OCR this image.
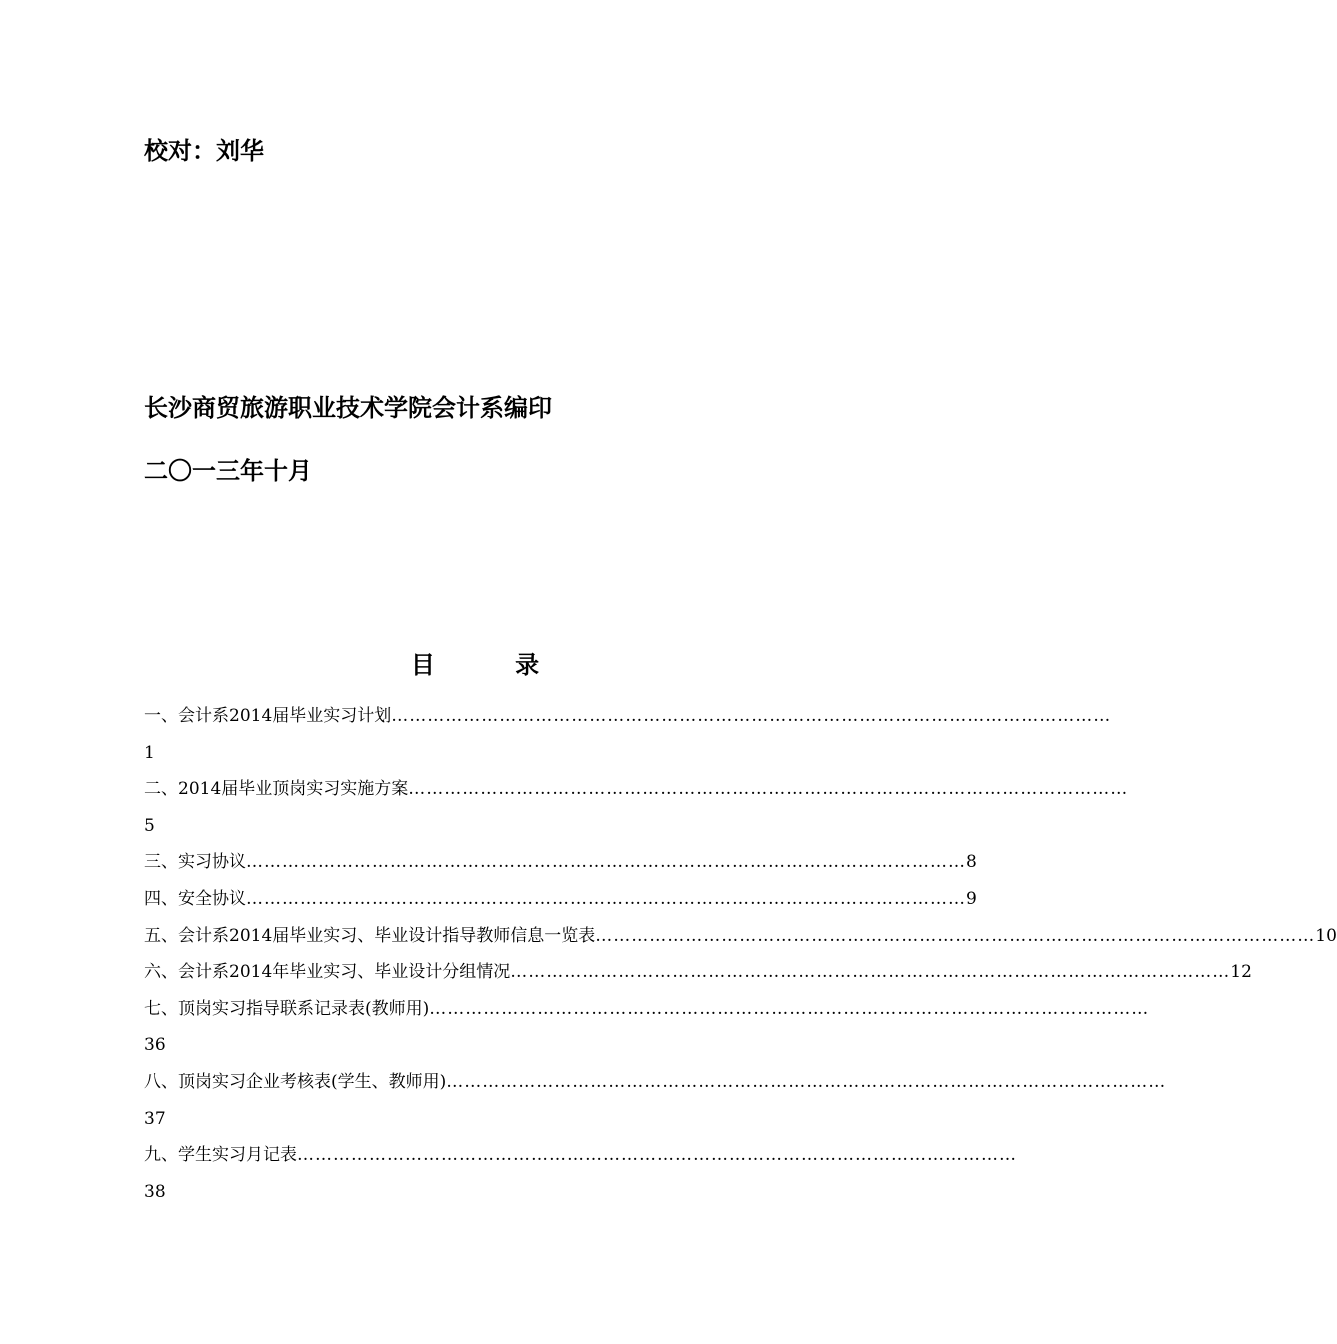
校对：刘华
长沙商贸旅游职业技术学院会计系编印
二〇一三年十月
目 录
一、会计系2014届毕业实习计划 …………………………………………………………………………………………………………
1
二、2014届毕业顶岗实习实施方案 …………………………………………………………………………………………………………
5
三、实习协议 ………………………………………………………………………………………………………… 8
四、安全协议 ………………………………………………………………………………………………………… 9
五、会计系2014届毕业实习、毕业设计指导教师信息一览表 ………………………………………………………………………………………………………… 10
六、会计系2014年毕业实习、毕业设计分组情况 ………………………………………………………………………………………………………… 12
七、顶岗实习指导联系记录表(教师用) …………………………………………………………………………………………………………
36
八、顶岗实习企业考核表(学生、教师用) …………………………………………………………………………………………………………
37
九、学生实习月记表 …………………………………………………………………………………………………………
38
